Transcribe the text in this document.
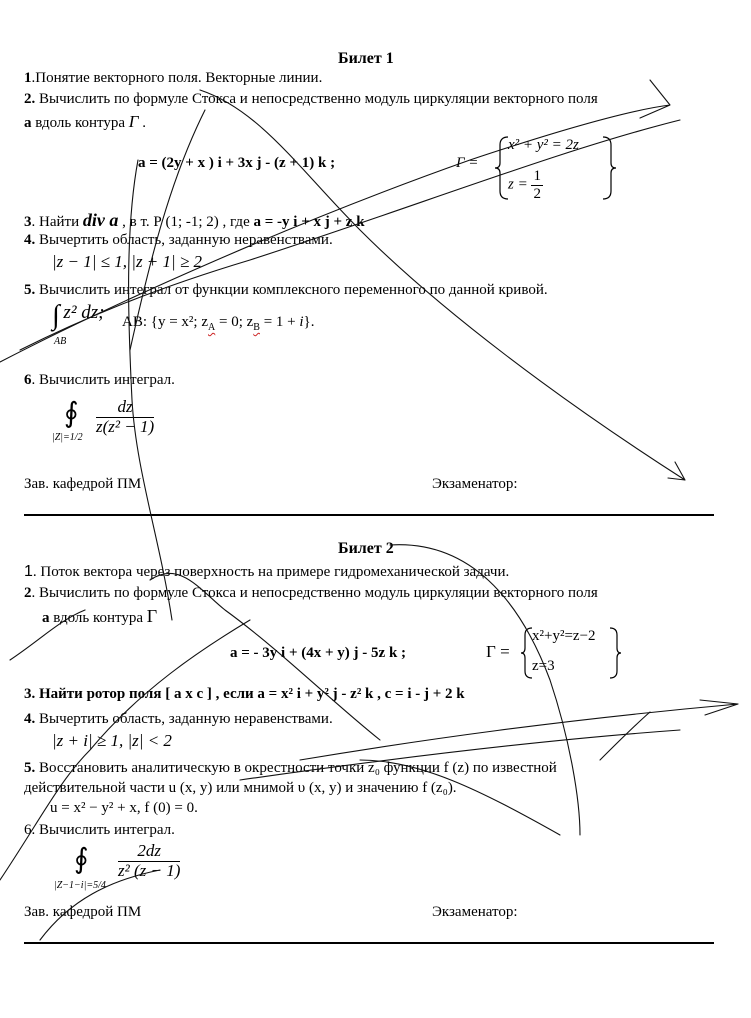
Билет 1
1.Понятие векторного поля. Векторные линии.
2. Вычислить по формуле Стокса и непосредственно модуль циркуляции векторного поля
a вдоль контура Γ .
a = (2y + x ) i + 3x j - (z + 1) k ;	Γ =
x² + y² = 2z
$z = \frac{1}{2}$
3. Найти div a , в т. Р (1; -1; 2) , где a = -y i + x j + z k
4. Вычертить область, заданную неравенствами.
|z − 1| ≤ 1, |z + 1| ≥ 2
5. Вычислить интеграл от функции комплексного переменного по данной кривой.
∫ z² dz;
AB
AB: {y = x²; $z_A = 0$; $z_B = 1 + i$}.
6. Вычислить интеграл.
∮
|Z|=1/2
$\frac{dz}{\text{z(z² − 1)}}$
Зав. кафедрой ПМ	Экзаменатор:
Билет 2
1. Поток вектора через поверхность на примере гидромеханической задачи.
2. Вычислить по формуле Стокса и непосредственно модуль циркуляции векторного поля
a вдоль контура Γ
a = - 3y i + (4x + y) j - 5z k ;	Γ =
x²+y²=z−2
z=3
3. Найти ротор поля [ a x c ] , если a = x² i + y² j - z² k , c = i - j + 2 k
4. Вычертить область, заданную неравенствами.
|z + i| ≥ 1, |z| < 2
5. Восстановить аналитическую в окрестности точки z₀ функции f (z) по известной
действительной части u (x, y) или мнимой υ (x, y) и значению f (z₀).
u = x² − y² + x, f (0) = 0.
6. Вычислить интеграл.
∮
|Z−1−i|=5/4
$\frac{2dz}{\text{z² (z − 1)}}$
Зав. кафедрой ПМ	Экзаменатор:
